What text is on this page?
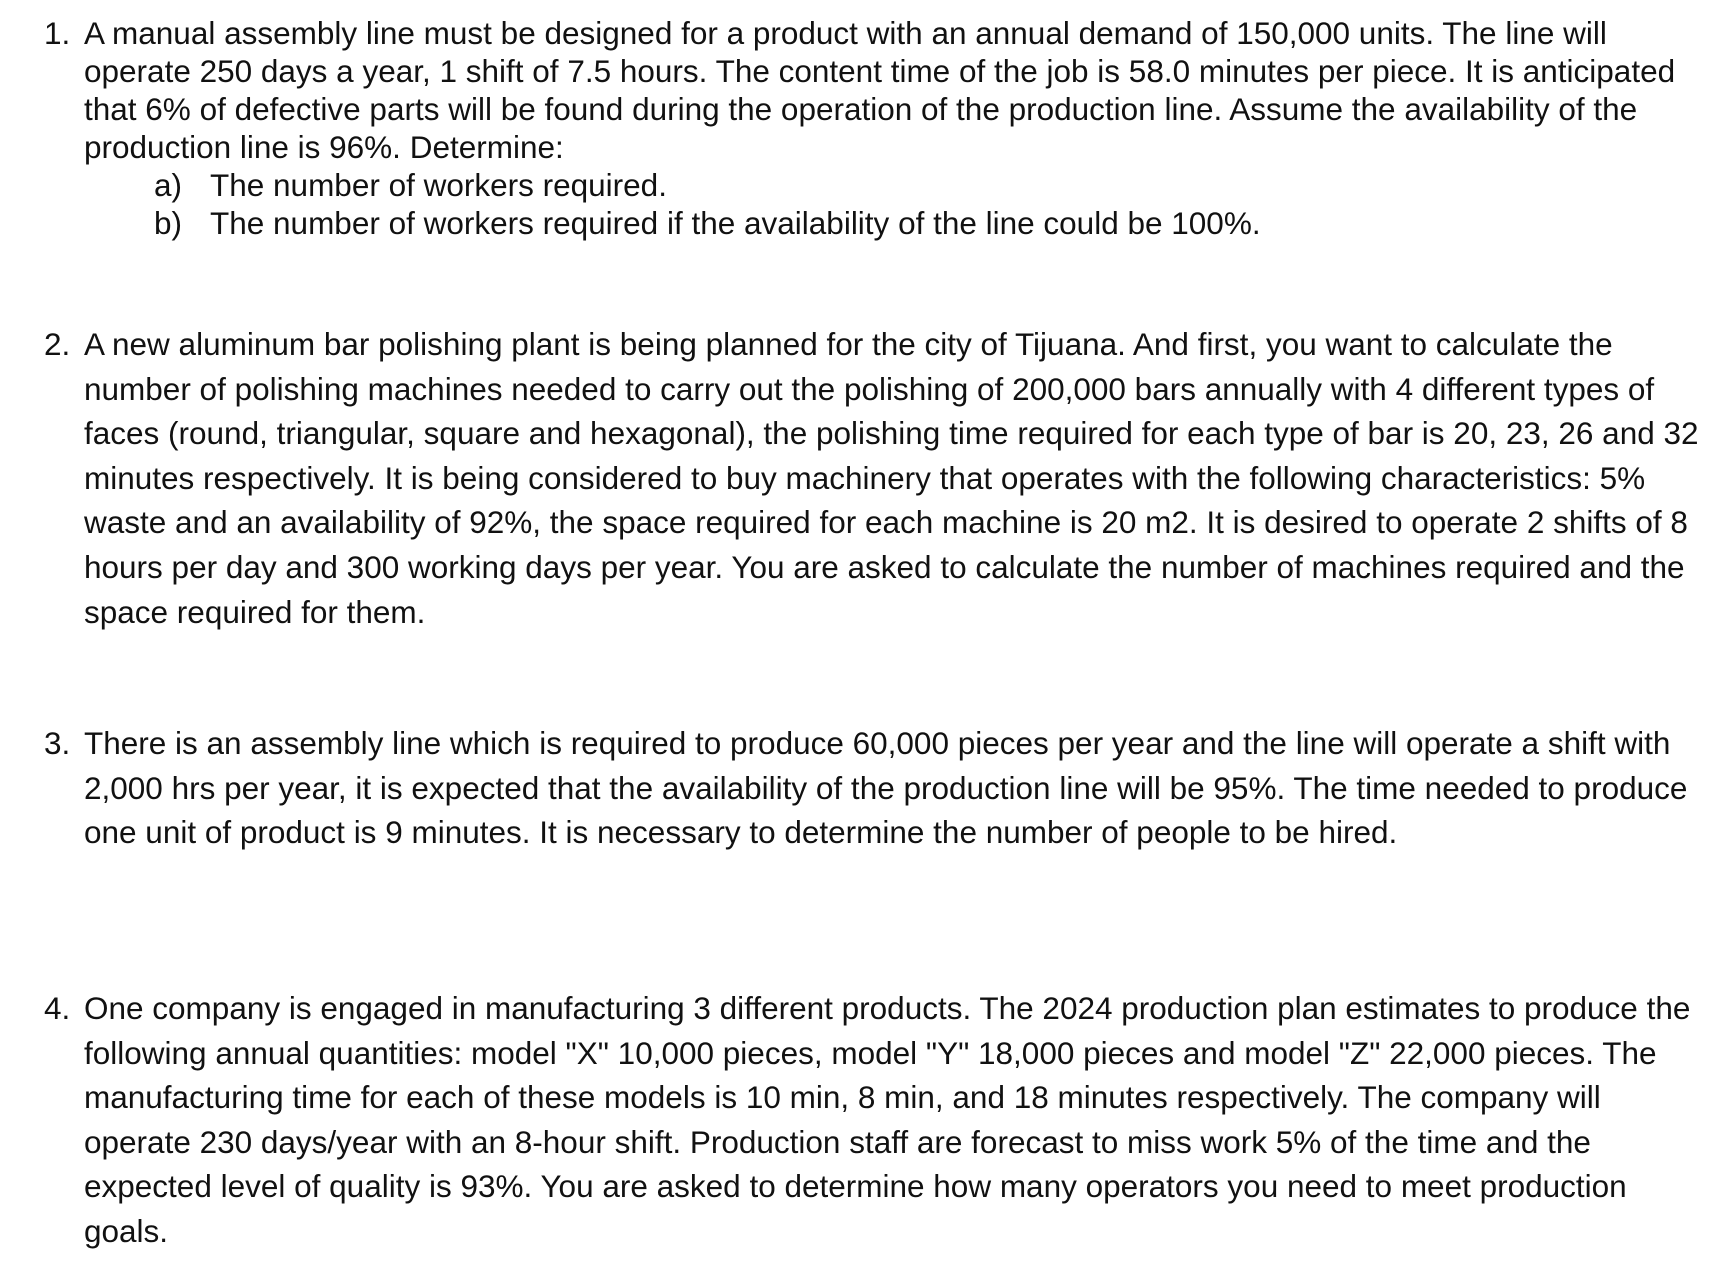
1. A manual assembly line must be designed for a product with an annual demand of 150,000 units. The line will operate 250 days a year, 1 shift of 7.5 hours. The content time of the job is 58.0 minutes per piece. It is anticipated that 6% of defective parts will be found during the operation of the production line. Assume the availability of the production line is 96%. Determine:
a) The number of workers required.
b) The number of workers required if the availability of the line could be 100%.
2. A new aluminum bar polishing plant is being planned for the city of Tijuana. And first, you want to calculate the number of polishing machines needed to carry out the polishing of 200,000 bars annually with 4 different types of faces (round, triangular, square and hexagonal), the polishing time required for each type of bar is 20, 23, 26 and 32 minutes respectively. It is being considered to buy machinery that operates with the following characteristics: 5% waste and an availability of 92%, the space required for each machine is 20 m2. It is desired to operate 2 shifts of 8 hours per day and 300 working days per year. You are asked to calculate the number of machines required and the space required for them.
3. There is an assembly line which is required to produce 60,000 pieces per year and the line will operate a shift with 2,000 hrs per year, it is expected that the availability of the production line will be 95%. The time needed to produce one unit of product is 9 minutes. It is necessary to determine the number of people to be hired.
4. One company is engaged in manufacturing 3 different products. The 2024 production plan estimates to produce the following annual quantities: model "X" 10,000 pieces, model "Y" 18,000 pieces and model "Z" 22,000 pieces. The manufacturing time for each of these models is 10 min, 8 min, and 18 minutes respectively. The company will operate 230 days/year with an 8-hour shift. Production staff are forecast to miss work 5% of the time and the expected level of quality is 93%. You are asked to determine how many operators you need to meet production goals.
